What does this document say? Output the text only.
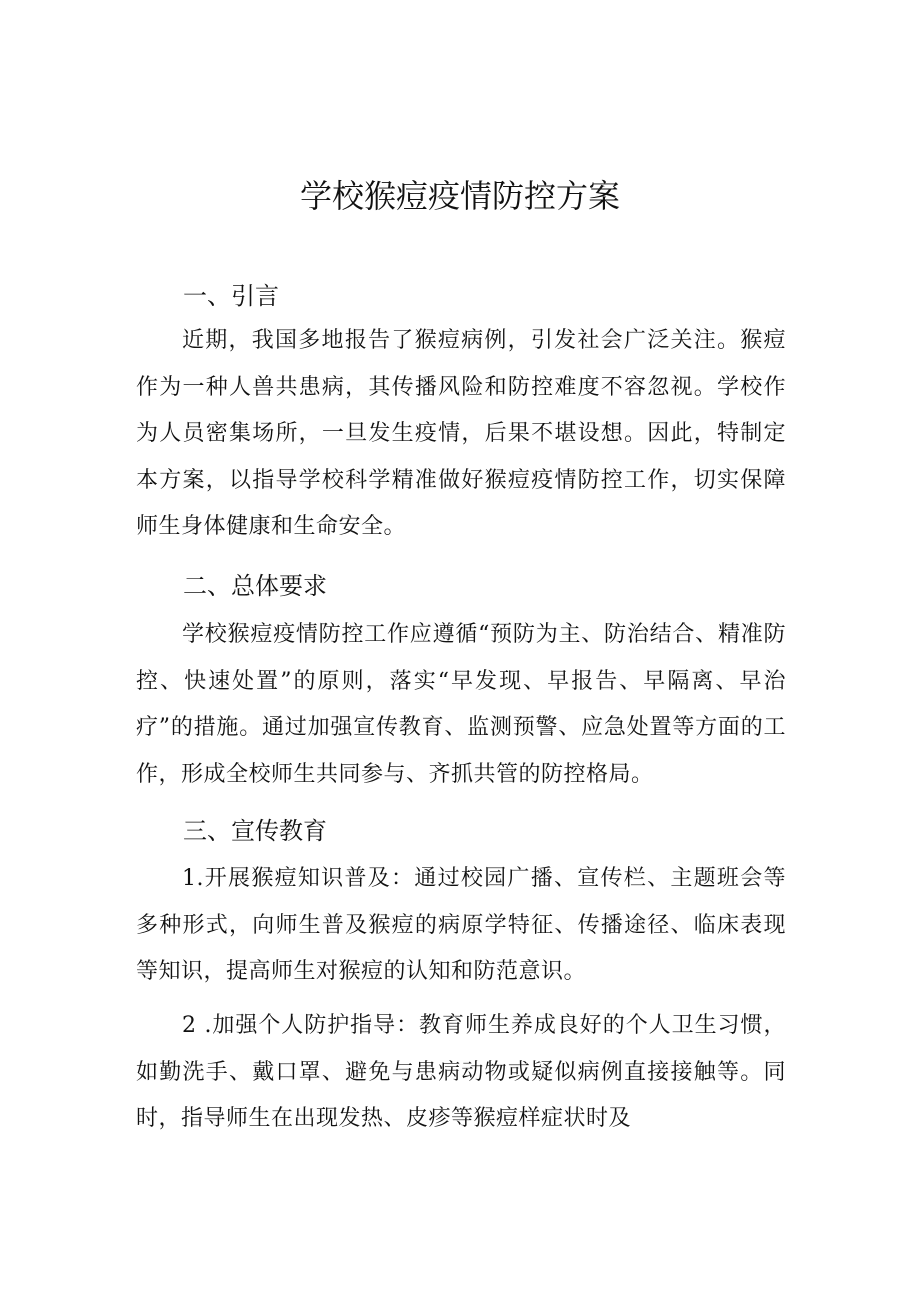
学校猴痘疫情防控方案
一、引言

近期，我国多地报告了猴痘病例，引发社会广泛关注。猴痘作为一种人兽共患病，其传播风险和防控难度不容忽视。学校作为人员密集场所，一旦发生疫情，后果不堪设想。因此，特制定本方案，以指导学校科学精准做好猴痘疫情防控工作，切实保障师生身体健康和生命安全。

二、总体要求

学校猴痘疫情防控工作应遵循“预防为主、防治结合、精准防控、快速处置”的原则，落实“早发现、早报告、早隔离、早治疗”的措施。通过加强宣传教育、监测预警、应急处置等方面的工作，形成全校师生共同参与、齐抓共管的防控格局。

三、宣传教育

1.开展猴痘知识普及：通过校园广播、宣传栏、主题班会等多种形式，向师生普及猴痘的病原学特征、传播途径、临床表现等知识，提高师生对猴痘的认知和防范意识。

2 .加强个人防护指导：教育师生养成良好的个人卫生习惯，如勤洗手、戴口罩、避免与患病动物或疑似病例直接接触等。同时，指导师生在出现发热、皮疹等猴痘样症状时及
